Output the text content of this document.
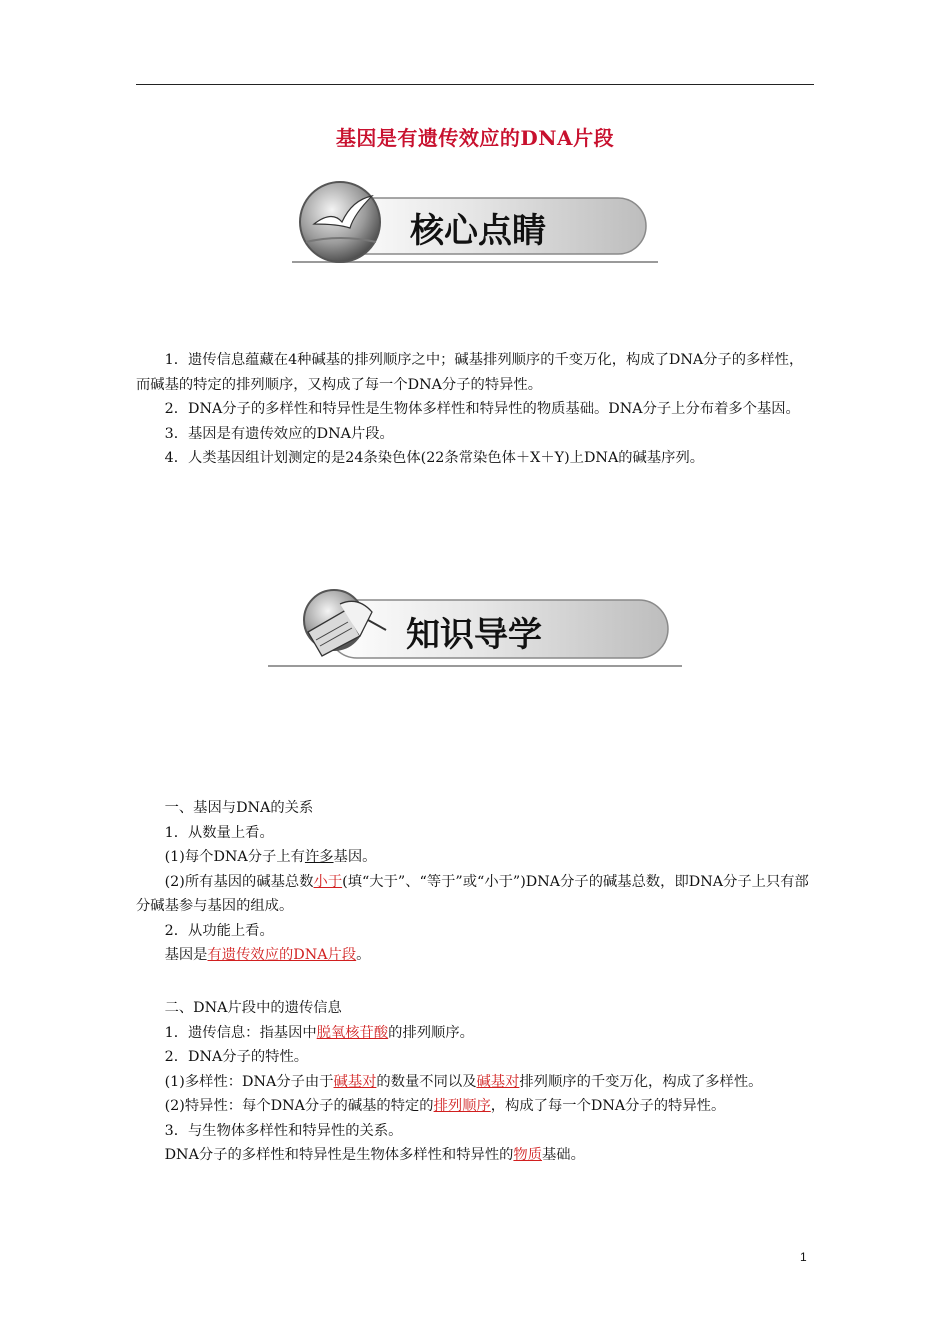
基因是有遗传效应的DNA片段
核心点睛

1．遗传信息蕴藏在4种碱基的排列顺序之中；碱基排列顺序的千变万化，构成了DNA分子的多样性，而碱基的特定的排列顺序，又构成了每一个DNA分子的特异性。

2．DNA分子的多样性和特异性是生物体多样性和特异性的物质基础。DNA分子上分布着多个基因。

3．基因是有遗传效应的DNA片段。

4．人类基因组计划测定的是24条染色体(22条常染色体＋X＋Y)上DNA的碱基序列。

知识导学

一、基因与DNA的关系

1．从数量上看。

(1)每个DNA分子上有许多基因。

(2)所有基因的碱基总数小于(填“大于”、“等于”或“小于”)DNA分子的碱基总数，即DNA分子上只有部分碱基参与基因的组成。

2．从功能上看。

基因是有遗传效应的DNA片段。

二、DNA片段中的遗传信息

1．遗传信息：指基因中脱氧核苷酸的排列顺序。

2．DNA分子的特性。

(1)多样性：DNA分子由于碱基对的数量不同以及碱基对排列顺序的千变万化，构成了多样性。

(2)特异性：每个DNA分子的碱基的特定的排列顺序，构成了每一个DNA分子的特异性。

3．与生物体多样性和特异性的关系。

DNA分子的多样性和特异性是生物体多样性和特异性的物质基础。

1
